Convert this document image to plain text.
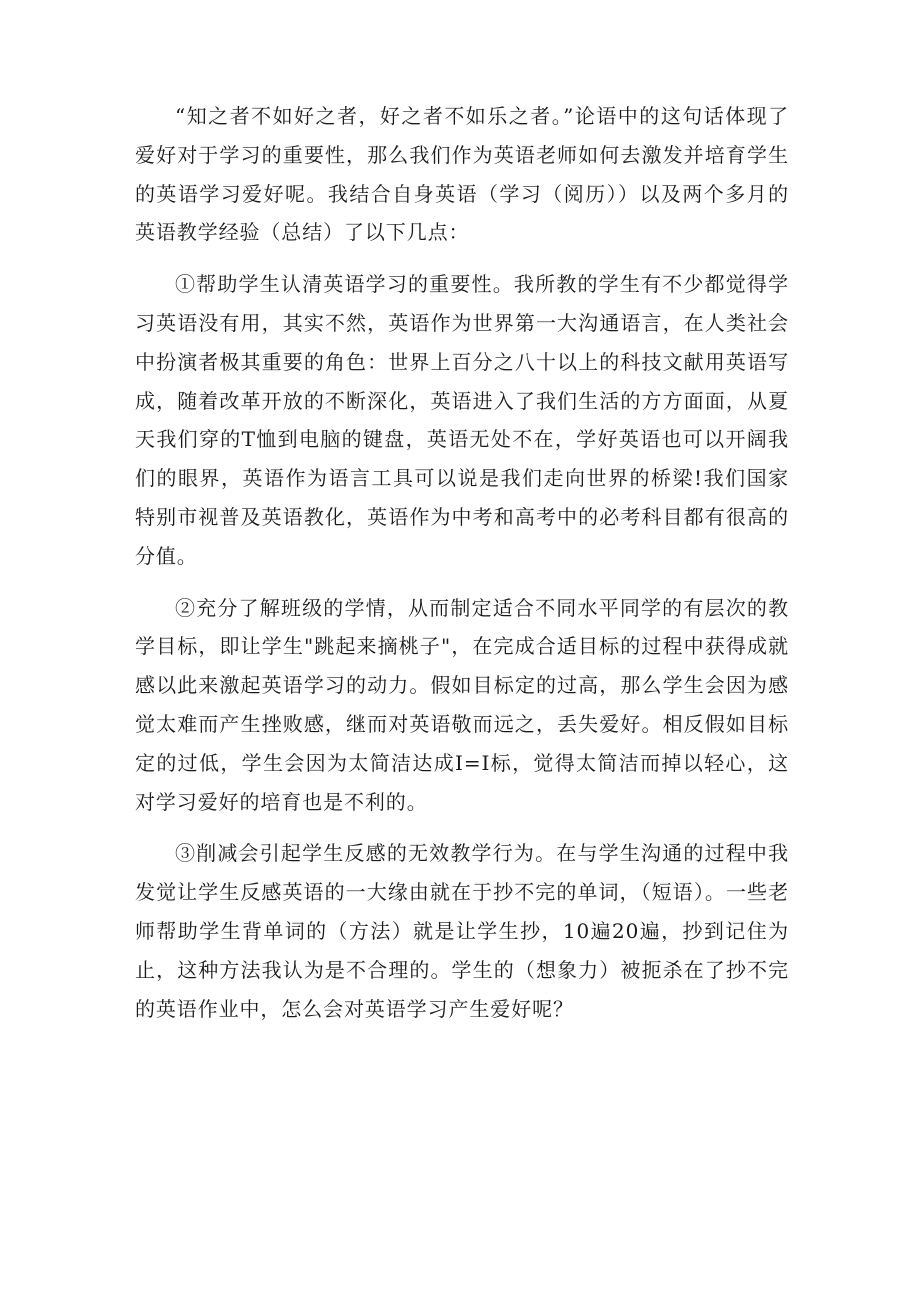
“知之者不如好之者，好之者不如乐之者。”论语中的这句话体现了爱好对于学习的重要性，那么我们作为英语老师如何去激发并培育学生的英语学习爱好呢。我结合自身英语（学习（阅历））以及两个多月的英语教学经验（总结）了以下几点：

①帮助学生认清英语学习的重要性。我所教的学生有不少都觉得学习英语没有用，其实不然，英语作为世界第一大沟通语言，在人类社会中扮演者极其重要的角色：世界上百分之八十以上的科技文献用英语写成，随着改革开放的不断深化，英语进入了我们生活的方方面面，从夏天我们穿的T恤到电脑的键盘，英语无处不在，学好英语也可以开阔我们的眼界，英语作为语言工具可以说是我们走向世界的桥梁!我们国家特别市视普及英语教化，英语作为中考和高考中的必考科目都有很高的分值。

②充分了解班级的学情，从而制定适合不同水平同学的有层次的教学目标，即让学生"跳起来摘桃子"，在完成合适目标的过程中获得成就感以此来激起英语学习的动力。假如目标定的过高，那么学生会因为感觉太难而产生挫败感，继而对英语敬而远之，丢失爱好。相反假如目标定的过低，学生会因为太简洁达成I=I标，觉得太简洁而掉以轻心，这对学习爱好的培育也是不利的。

③削减会引起学生反感的无效教学行为。在与学生沟通的过程中我发觉让学生反感英语的一大缘由就在于抄不完的单词，（短语）。一些老师帮助学生背单词的（方法）就是让学生抄，10遍20遍，抄到记住为止，这种方法我认为是不合理的。学生的（想象力）被扼杀在了抄不完的英语作业中，怎么会对英语学习产生爱好呢？
